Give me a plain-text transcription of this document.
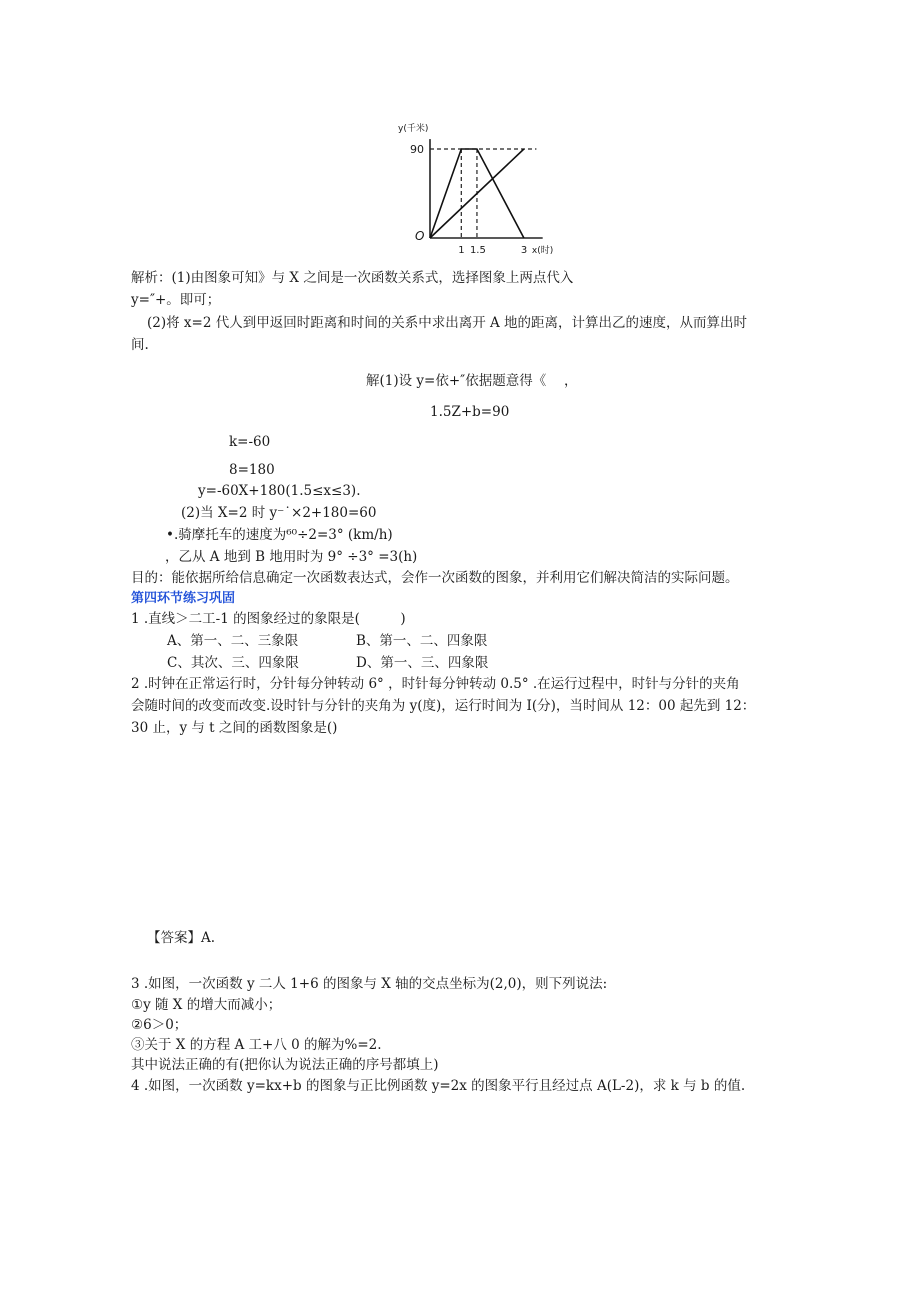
y(千米)
90
O
1 1.5	3 x(时)
解析：(1)由图象可知》与 X 之间是一次函数关系式，选择图象上两点代入
y=″+。即可；
(2)将 x=2 代人到甲返回时距离和时间的关系中求出离开 A 地的距离，计算出乙的速度，从而算出时
间.
解(1)设 y=依+″依据题意得《　 ，
1.5Z+b=90
k=-60
8=180
y=-60X+180(1.5≤x≤3).
(2)当 X=2 时 y⁻˙×2+180=60
•.骑摩托车的速度为⁶⁰÷2=3° (km/h)
，乙从 A 地到 B 地用时为 9° ÷3° =3(h)
目的：能依据所给信息确定一次函数表达式，会作一次函数的图象，并利用它们解决简洁的实际问题。
第四环节练习巩固
1 .直线＞二工-1 的图象经过的象限是(　　　)
A、第一、二、三象限	B、第一、二、四象限
C、其次、三、四象限	D、第一、三、四象限
2 .时钟在正常运行时，分针每分钟转动 6° ，时针每分钟转动 0.5° .在运行过程中，时针与分针的夹角
会随时间的改变而改变.设时针与分针的夹角为 y(度)，运行时间为 I(分)，当时间从 12：00 起先到 12：
30 止，y 与 t 之间的函数图象是()
【答案】A.
3 .如图，一次函数 y 二人 1+6 的图象与 X 轴的交点坐标为(2,0)，则下列说法:
①y 随 X 的增大而减小；
②6＞0；
③关于 X 的方程 A 工+八 0 的解为%=2.
其中说法正确的有(把你认为说法正确的序号都填上)
4 .如图，一次函数 y=kx+b 的图象与正比例函数 y=2x 的图象平行且经过点 A(L-2)，求 k 与 b 的值.
